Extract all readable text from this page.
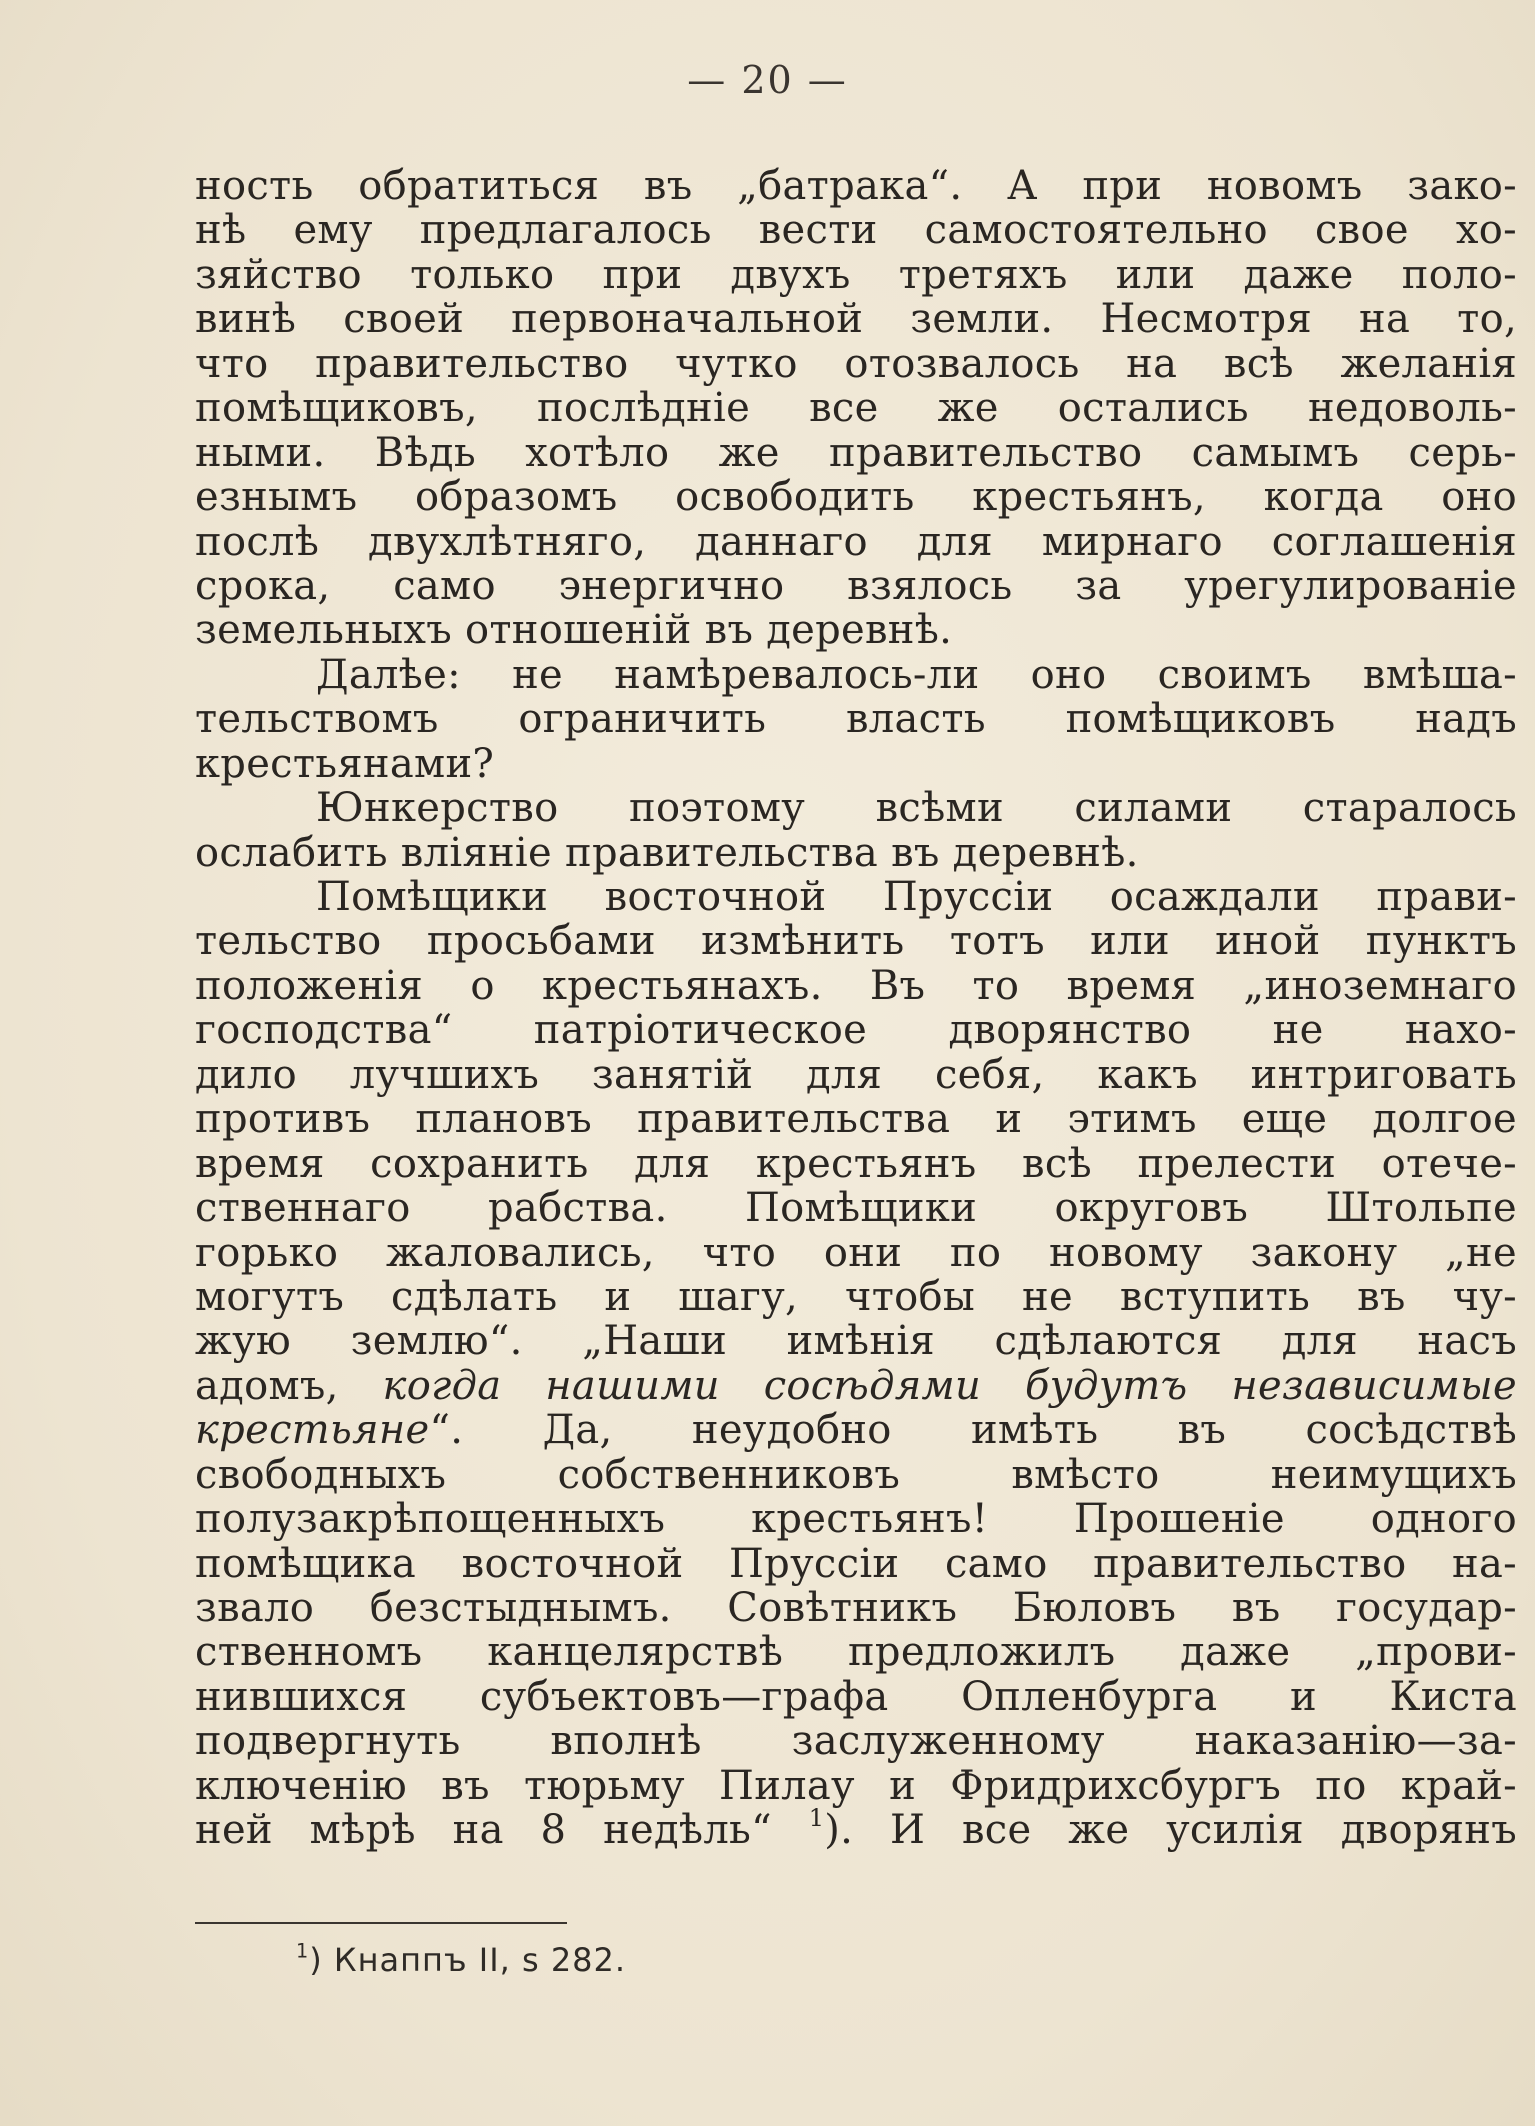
— 20 —
ность обратиться въ „батрака“. А при новомъ зако-
нѣ ему предлагалось вести самостоятельно свое хо-
зяйство только при двухъ третяхъ или даже поло-
винѣ своей первоначальной земли. Несмотря на то,
что правительство чутко отозвалось на всѣ желанія
помѣщиковъ, послѣдніе все же остались недоволь-
ными. Вѣдь хотѣло же правительство самымъ серь-
езнымъ образомъ освободить крестьянъ, когда оно
послѣ двухлѣтняго, даннаго для мирнаго соглашенія
срока, само энергично взялось за урегулированіе
земельныхъ отношеній въ деревнѣ.
Далѣе: не намѣревалось-ли оно своимъ вмѣша-
тельствомъ ограничить власть помѣщиковъ надъ
крестьянами?
Юнкерство поэтому всѣми силами старалось
ослабить вліяніе правительства въ деревнѣ.
Помѣщики восточной Пруссіи осаждали прави-
тельство просьбами измѣнить тотъ или иной пунктъ
положенія о крестьянахъ. Въ то время „иноземнаго
господства“ патріотическое дворянство не нахо-
дило лучшихъ занятій для себя, какъ интриговать
противъ плановъ правительства и этимъ еще долгое
время сохранить для крестьянъ всѣ прелести отече-
ственнаго рабства. Помѣщики округовъ Штольпе
горько жаловались, что они по новому закону „не
могутъ сдѣлать и шагу, чтобы не вступить въ чу-
жую землю“. „Наши имѣнія сдѣлаются для насъ
адомъ, когда нашими сосѣдями будутъ независимые
крестьяне“. Да, неудобно имѣть въ сосѣдствѣ
свободныхъ собственниковъ вмѣсто неимущихъ
полузакрѣпощенныхъ крестьянъ! Прошеніе одного
помѣщика восточной Пруссіи само правительство на-
звало безстыднымъ. Совѣтникъ Бюловъ въ государ-
ственномъ канцелярствѣ предложилъ даже „прови-
нившихся субъектовъ—графа Опленбурга и Киста
подвергнуть вполнѣ заслуженному наказанію—за-
ключенію въ тюрьму Пилау и Фридрихсбургъ по край-
ней мѣрѣ на 8 недѣль“ $^1$). И все же усилія дворянъ
$^1$) Кнаппъ II, s 282.
